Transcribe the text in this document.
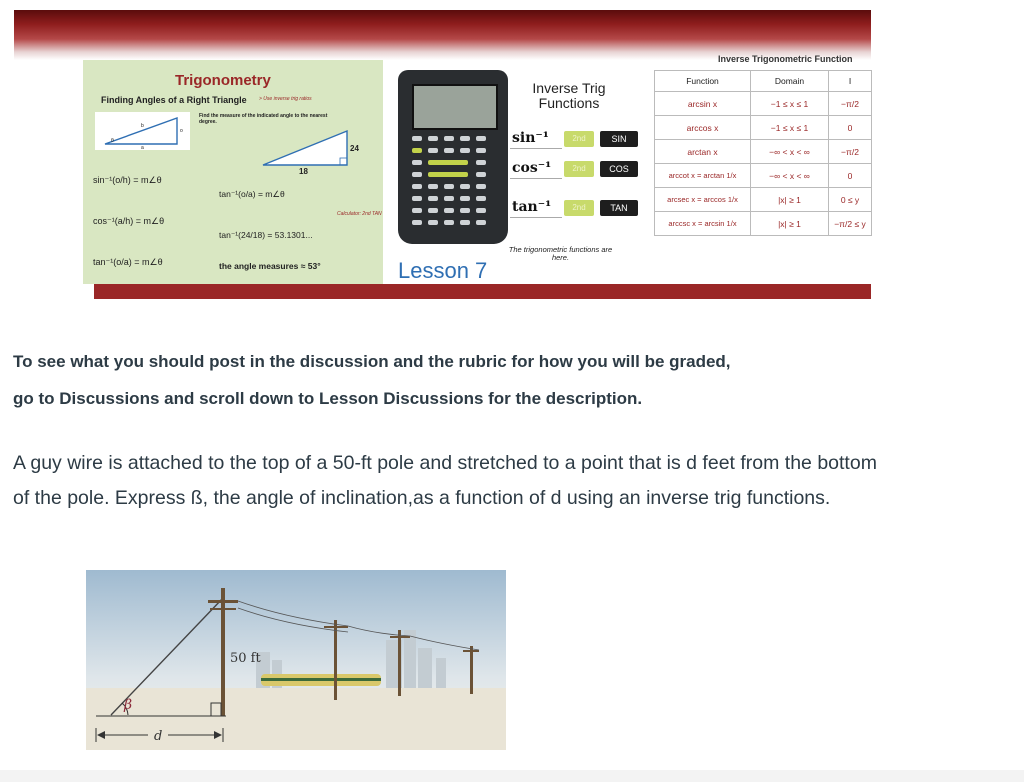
Trigonometry
Finding Angles of a Right Triangle > Use inverse trig ratios
Find the measure of the indicated angle to the nearest degree.
b
a
o
θ
24
18
sin⁻¹(o/h) = m∠θ
cos⁻¹(a/h) = m∠θ
tan⁻¹(o/a) = m∠θ
tan⁻¹(o/a) = m∠θ
tan⁻¹(24/18) = 53.1301...
Calculator: 2nd TAN
the angle measures ≈ 53°
Inverse Trig Functions
sin⁻¹	2nd	SIN
cos⁻¹	2nd	COS
tan⁻¹	2nd	TAN
The trigonometric functions are here.
Lesson 7
Inverse Trigonometric Function
Function	Domain	I
arcsin x	−1 ≤ x ≤ 1	−π/2
arccos x	−1 ≤ x ≤ 1	0
arctan x	−∞ < x < ∞	−π/2
arccot x = arctan 1/x	−∞ < x < ∞	0
arcsec x = arccos 1/x	|x| ≥ 1	0 ≤ y
arccsc x = arcsin 1/x	|x| ≥ 1	−π/2 ≤ y
To see what you should post in the discussion and the rubric for how you will be graded,
go to Discussions and scroll down to Lesson Discussions for the description.
A guy wire is attached to the top of a 50-ft pole and stretched to a point that is d feet from the bottom of the pole. Express ß, the angle of inclination,as a function of d using an inverse trig functions.
50 ft
β
d
